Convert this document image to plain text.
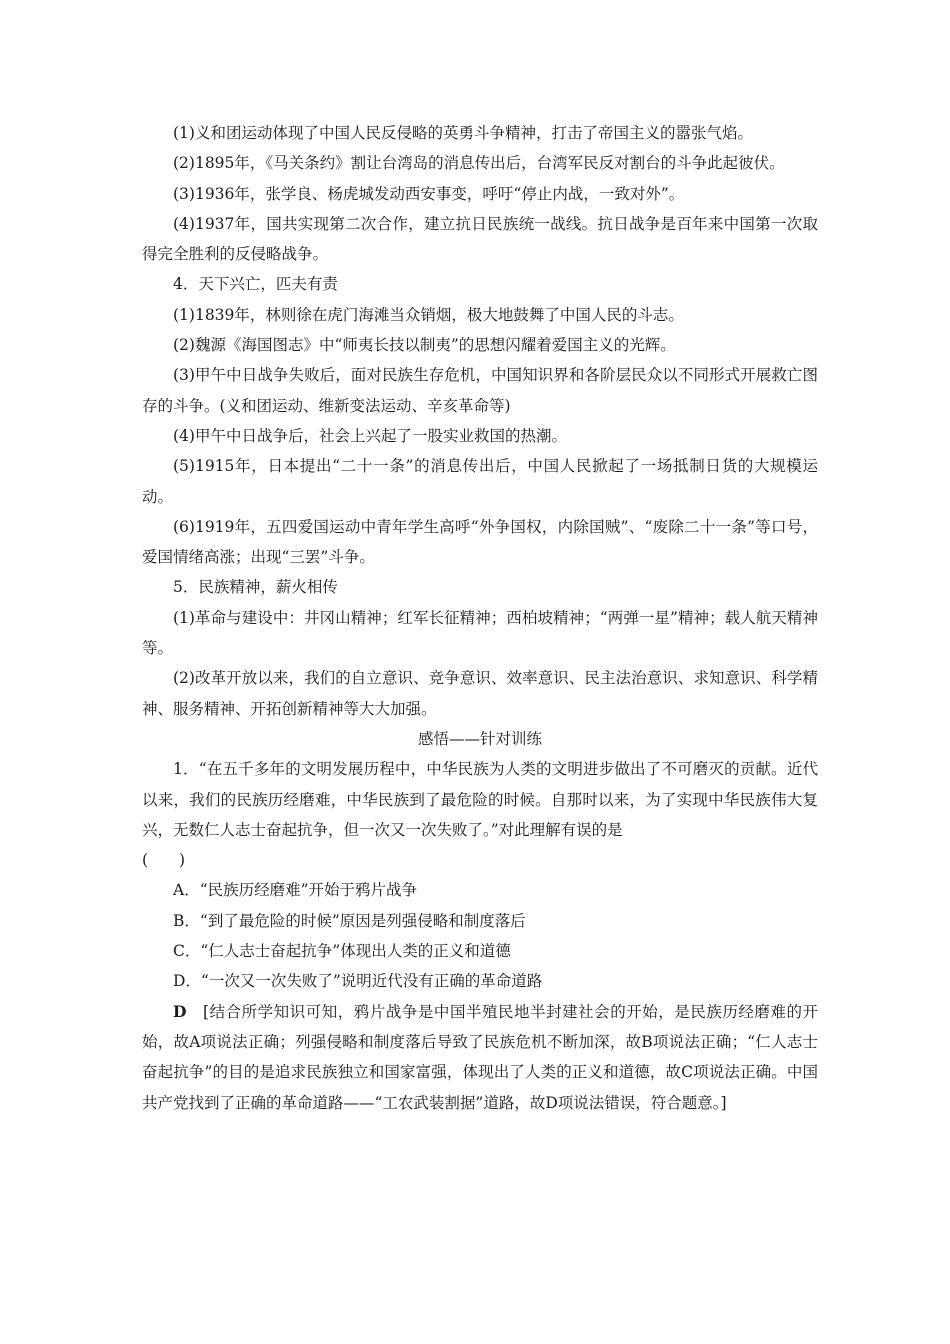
(1)义和团运动体现了中国人民反侵略的英勇斗争精神，打击了帝国主义的嚣张气焰。

(2)1895年，《马关条约》割让台湾岛的消息传出后，台湾军民反对割台的斗争此起彼伏。

(3)1936年，张学良、杨虎城发动西安事变，呼吁“停止内战，一致对外”。

(4)1937年，国共实现第二次合作，建立抗日民族统一战线。抗日战争是百年来中国第一次取得完全胜利的反侵略战争。

4．天下兴亡，匹夫有责

(1)1839年，林则徐在虎门海滩当众销烟，极大地鼓舞了中国人民的斗志。

(2)魏源《海国图志》中“师夷长技以制夷”的思想闪耀着爱国主义的光辉。

(3)甲午中日战争失败后，面对民族生存危机，中国知识界和各阶层民众以不同形式开展救亡图存的斗争。(义和团运动、维新变法运动、辛亥革命等)

(4)甲午中日战争后，社会上兴起了一股实业救国的热潮。

(5)1915年，日本提出“二十一条”的消息传出后，中国人民掀起了一场抵制日货的大规模运动。

(6)1919年，五四爱国运动中青年学生高呼“外争国权，内除国贼”、“废除二十一条”等口号，爱国情绪高涨；出现“三罢”斗争。

5．民族精神，薪火相传

(1)革命与建设中：井冈山精神；红军长征精神；西柏坡精神；“两弹一星”精神；载人航天精神等。

(2)改革开放以来，我们的自立意识、竞争意识、效率意识、民主法治意识、求知意识、科学精神、服务精神、开拓创新精神等大大加强。

感悟——针对训练

1．“在五千多年的文明发展历程中，中华民族为人类的文明进步做出了不可磨灭的贡献。近代以来，我们的民族历经磨难，中华民族到了最危险的时候。自那时以来，为了实现中华民族伟大复兴，无数仁人志士奋起抗争，但一次又一次失败了。”对此理解有误的是

(　　)

A．“民族历经磨难”开始于鸦片战争

B．“到了最危险的时候”原因是列强侵略和制度落后

C．“仁人志士奋起抗争”体现出人类的正义和道德

D．“一次又一次失败了”说明近代没有正确的革命道路

D　[结合所学知识可知，鸦片战争是中国半殖民地半封建社会的开始，是民族历经磨难的开始，故A项说法正确；列强侵略和制度落后导致了民族危机不断加深，故B项说法正确；“仁人志士奋起抗争”的目的是追求民族独立和国家富强，体现出了人类的正义和道德，故C项说法正确。中国共产党找到了正确的革命道路——“工农武装割据”道路，故D项说法错误，符合题意。]
